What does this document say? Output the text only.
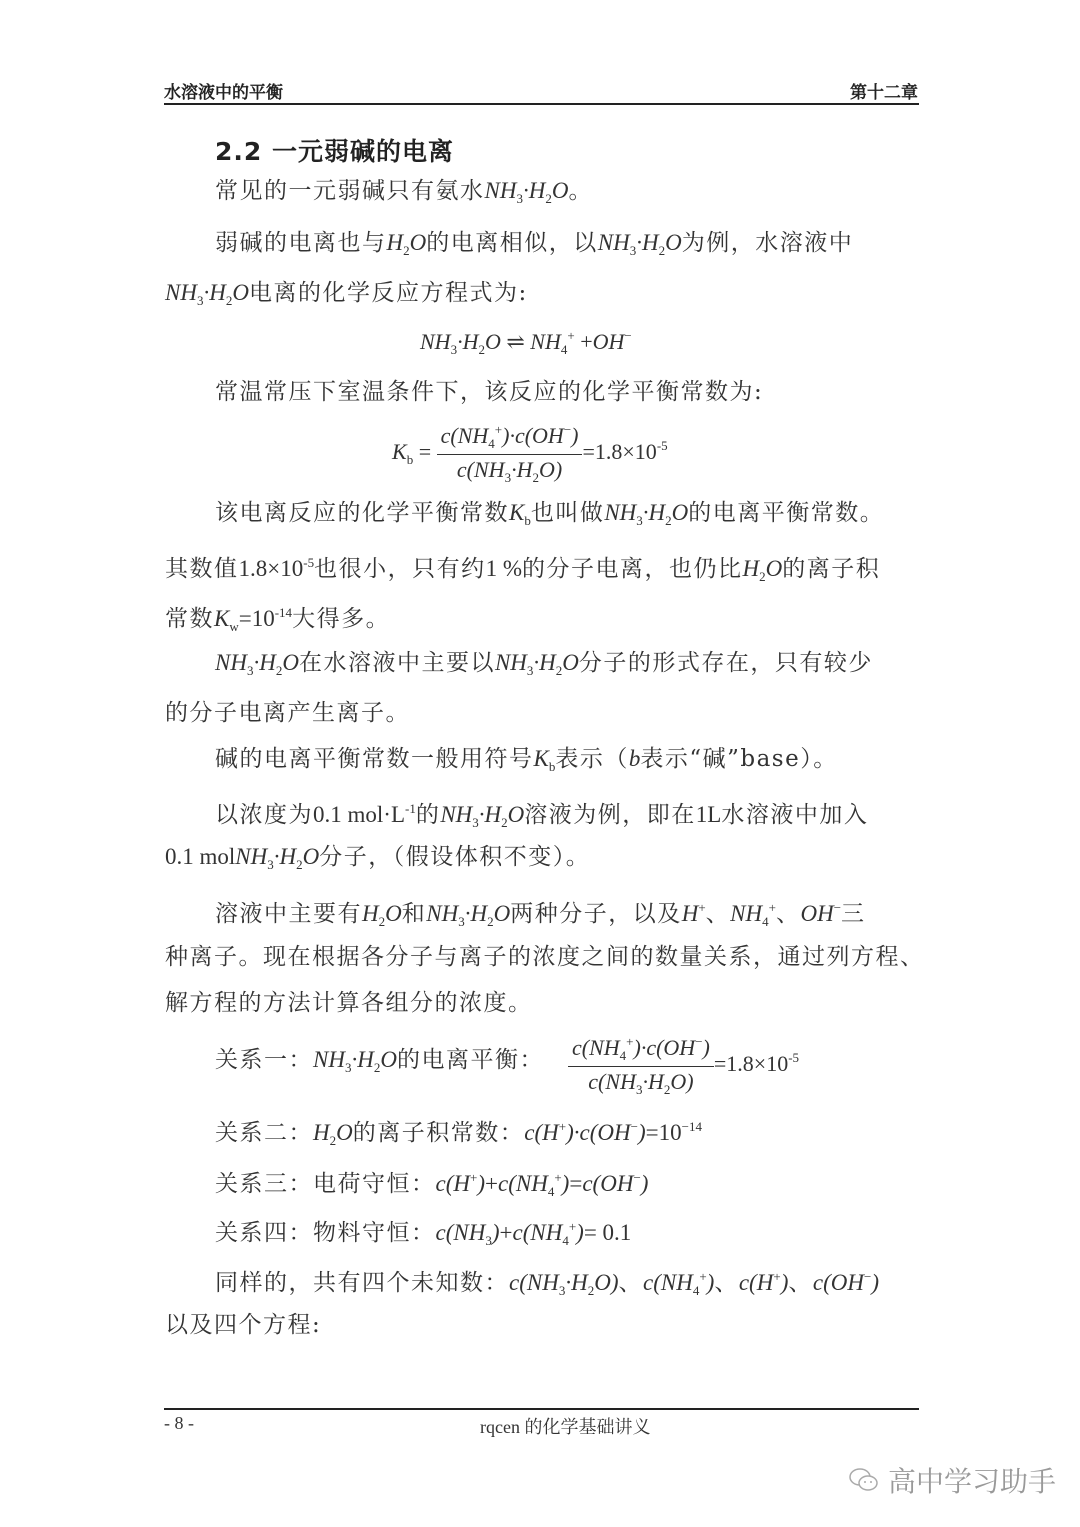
水溶液中的平衡	第十二章
2.2 一元弱碱的电离
常见的一元弱碱只有氨水$NH_3\cdot H_2O$。
弱碱的电离也与$H_2O$的电离相似，以$NH_3\cdot H_2O$为例，水溶液中
$NH_3\cdot H_2O$电离的化学反应方程式为:
$NH_3\cdot H_2O$ ⇌ $NH_4^+ +OH^-$
常温常压下室温条件下，该反应的化学平衡常数为:
$K_b = \frac{c(NH_4^+)\cdot c(OH^-)}{c(NH_3\cdot H_2O)} =1.8\times 10^{-5}$
该电离反应的化学平衡常数$K_b$也叫做$NH_3\cdot H_2O$的电离平衡常数。
其数值$1.8\times 10^{-5}$也很小，只有约1 %的分子电离，也仍比$H_2O$的离子积
常数$K_w=10^{-14}$大得多。
$NH_3\cdot H_2O$在水溶液中主要以$NH_3\cdot H_2O$分子的形式存在，只有较少
的分子电离产生离子。
碱的电离平衡常数一般用符号$K_b$表示（b表示“碱”base）。
以浓度为0.1 $mol\cdot L^{-1}$的$NH_3\cdot H_2O$溶液为例，即在1L水溶液中加入
0.1 $molNH_3\cdot H_2O$分子，（假设体积不变）。
溶液中主要有$H_2O$和$NH_3\cdot H_2O$两种分子，以及H+、$NH_4^+$、OH−三
种离子。现在根据各分子与离子的浓度之间的数量关系，通过列方程、
解方程的方法计算各组分的浓度。
关系一：$NH_3\cdot H_2O$的电离平衡： $\frac{c(NH_4^+)\cdot c(OH^-)}{c(NH_3\cdot H_2O)} =1.8\times 10^{-5}$
关系二：$H_2O$的离子积常数：$c(H^+)\cdot c(OH^-)=10^{-14}$
关系三：电荷守恒：$c(H^+)+c(NH_4^+)=c(OH^-)$
关系四：物料守恒：$c(NH_3)+c(NH_4^+)= 0.1$
同样的，共有四个未知数：$c(NH_3\cdot H_2O)$、$c(NH_4^+)$、c(H+)、c(OH−)
以及四个方程:
- 8 -	rqcen 的化学基础讲义
高中学习助手
